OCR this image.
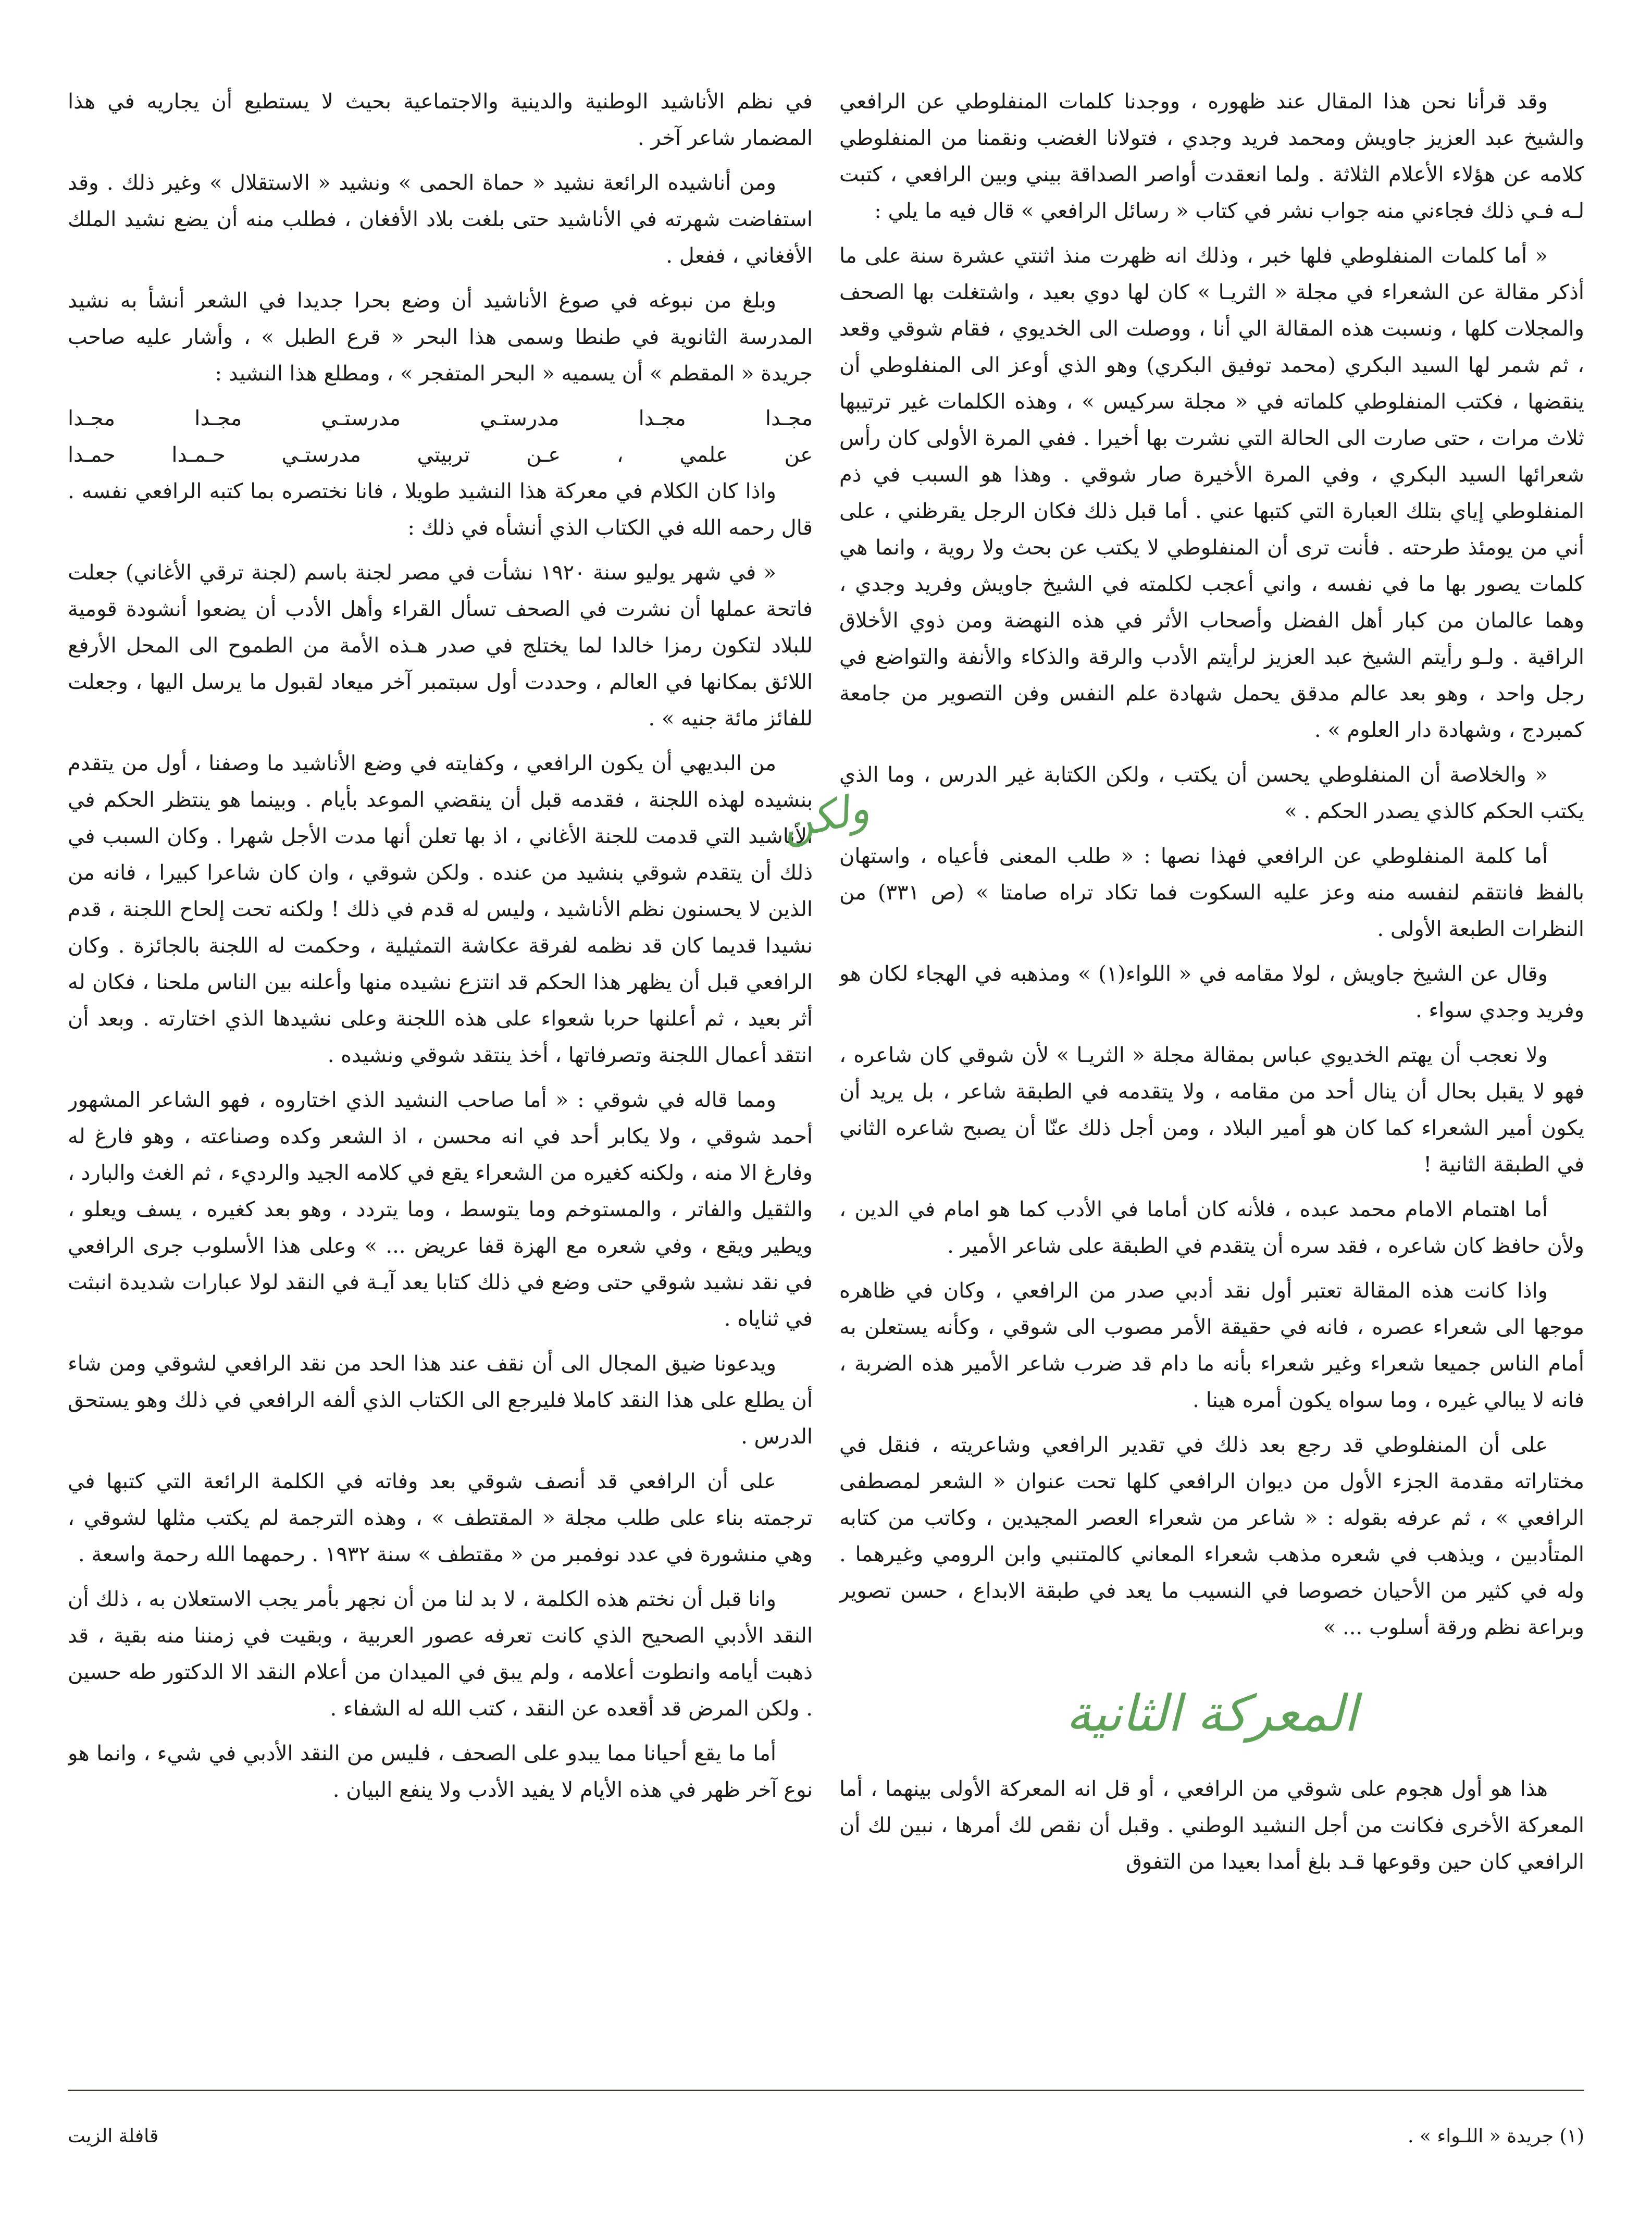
وقد قرأنا نحن هذا المقال عند ظهوره ، ووجدنا كلمات المنفلوطي عن الرافعي والشيخ عبد العزيز جاويش ومحمد فريد وجدي ، فتولانا الغضب ونقمنا من المنفلوطي كلامه عن هؤلاء الأعلام الثلاثة . ولما انعقدت أواصر الصداقة بيني وبين الرافعي ، كتبت لـه فـي ذلك فجاءني منه جواب نشر في كتاب « رسائل الرافعي » قال فيه ما يلي :

« أما كلمات المنفلوطي فلها خبر ، وذلك انه ظهرت منذ اثنتي عشرة سنة على ما أذكر مقالة عن الشعراء في مجلة « الثريـا » كان لها دوي بعيد ، واشتغلت بها الصحف والمجلات كلها ، ونسبت هذه المقالة الي أنا ، ووصلت الى الخديوي ، فقام شوقي وقعد ، ثم شمر لها السيد البكري (محمد توفيق البكري) وهو الذي أوعز الى المنفلوطي أن ينقضها ، فكتب المنفلوطي كلماته في « مجلة سركيس » ، وهذه الكلمات غير ترتيبها ثلاث مرات ، حتى صارت الى الحالة التي نشرت بها أخيرا . ففي المرة الأولى كان رأس شعرائها السيد البكري ، وفي المرة الأخيرة صار شوقي . وهذا هو السبب في ذم المنفلوطي إياي بتلك العبارة التي كتبها عني . أما قبل ذلك فكان الرجل يقرظني ، على أني من يومئذ طرحته . فأنت ترى أن المنفلوطي لا يكتب عن بحث ولا روية ، وانما هي كلمات يصور بها ما في نفسه ، واني أعجب لكلمته في الشيخ جاويش وفريد وجدي ، وهما عالمان من كبار أهل الفضل وأصحاب الأثر في هذه النهضة ومن ذوي الأخلاق الراقية . ولـو رأيتم الشيخ عبد العزيز لرأيتم الأدب والرقة والذكاء والأنفة والتواضع في رجل واحد ، وهو بعد عالم مدقق يحمل شهادة علم النفس وفن التصوير من جامعة كمبردج ، وشهادة دار العلوم » .

« والخلاصة أن المنفلوطي يحسن أن يكتب ، ولكن الكتابة غير الدرس ، وما الذي يكتب الحكم كالذي يصدر الحكم . »

أما كلمة المنفلوطي عن الرافعي فهذا نصها : « طلب المعنى فأعياه ، واستهان بالفظ فانتقم لنفسه منه وعز عليه السكوت فما تكاد تراه صامتا » (ص ٣٣١) من النظرات الطبعة الأولى .

وقال عن الشيخ جاويش ، لولا مقامه في « اللواء(١) » ومذهبه في الهجاء لكان هو وفريد وجدي سواء .

ولا نعجب أن يهتم الخديوي عباس بمقالة مجلة « الثريـا » لأن شوقي كان شاعره ، فهو لا يقبل بحال أن ينال أحد من مقامه ، ولا يتقدمه في الطبقة شاعر ، بل يريد أن يكون أمير الشعراء كما كان هو أمير البلاد ، ومن أجل ذلك عنّا أن يصبح شاعره الثاني في الطبقة الثانية !

أما اهتمام الامام محمد عبده ، فلأنه كان أماما في الأدب كما هو امام في الدين ، ولأن حافظ كان شاعره ، فقد سره أن يتقدم في الطبقة على شاعر الأمير .

واذا كانت هذه المقالة تعتبر أول نقد أدبي صدر من الرافعي ، وكان في ظاهره موجها الى شعراء عصره ، فانه في حقيقة الأمر مصوب الى شوقي ، وكأنه يستعلن به أمام الناس جميعا شعراء وغير شعراء بأنه ما دام قد ضرب شاعر الأمير هذه الضربة ، فانه لا يبالي غيره ، وما سواه يكون أمره هينا .

على أن المنفلوطي قد رجع بعد ذلك في تقدير الرافعي وشاعريته ، فنقل في مختاراته مقدمة الجزء الأول من ديوان الرافعي كلها تحت عنوان « الشعر لمصطفى الرافعي » ، ثم عرفه بقوله : « شاعر من شعراء العصر المجيدين ، وكاتب من كتابه المتأدبين ، ويذهب في شعره مذهب شعراء المعاني كالمتنبي وابن الرومي وغيرهما . وله في كثير من الأحيان خصوصا في النسيب ما يعد في طبقة الابداع ، حسن تصوير وبراعة نظم ورقة أسلوب ... »

المعركة الثانية

هذا هو أول هجوم على شوقي من الرافعي ، أو قل انه المعركة الأولى بينهما ، أما المعركة الأخرى فكانت من أجل النشيد الوطني . وقبل أن نقص لك أمرها ، نبين لك أن الرافعي كان حين وقوعها قـد بلغ أمدا بعيدا من التفوق

في نظم الأناشيد الوطنية والدينية والاجتماعية بحيث لا يستطيع أن يجاريه في هذا المضمار شاعر آخر .

ومن أناشيده الرائعة نشيد « حماة الحمى » ونشيد « الاستقلال » وغير ذلك . وقد استفاضت شهرته في الأناشيد حتى بلغت بلاد الأفغان ، فطلب منه أن يضع نشيد الملك الأفغاني ، ففعل .

وبلغ من نبوغه في صوغ الأناشيد أن وضع بحرا جديدا في الشعر أنشأ به نشيد المدرسة الثانوية في طنطا وسمى هذا البحر « قرع الطبل » ، وأشار عليه صاحب جريدة « المقطم » أن يسميه « البحر المتفجر » ، ومطلع هذا النشيد :

مجـدا مجـدا مدرستـي مدرستـي مجـدا مجـدا

عن علمي ، عـن تربيتي مدرستـي حـمـدا حمـدا

واذا كان الكلام في معركة هذا النشيد طويلا ، فانا نختصره بما كتبه الرافعي نفسه . قال رحمه الله في الكتاب الذي أنشأه في ذلك :

« في شهر يوليو سنة ١٩٢٠ نشأت في مصر لجنة باسم (لجنة ترقي الأغاني) جعلت فاتحة عملها أن نشرت في الصحف تسأل القراء وأهل الأدب أن يضعوا أنشودة قومية للبلاد لتكون رمزا خالدا لما يختلج في صدر هـذه الأمة من الطموح الى المحل الأرفع اللائق بمكانها في العالم ، وحددت أول سبتمبر آخر ميعاد لقبول ما يرسل اليها ، وجعلت للفائز مائة جنيه » .

من البديهي أن يكون الرافعي ، وكفايته في وضع الأناشيد ما وصفنا ، أول من يتقدم بنشيده لهذه اللجنة ، فقدمه قبل أن ينقضي الموعد بأيام . وبينما هو ينتظر الحكم في الأناشيد التي قدمت للجنة الأغاني ، اذ بها تعلن أنها مدت الأجل شهرا . وكان السبب في ذلك أن يتقدم شوقي بنشيد من عنده . ولكن شوقي ، وان كان شاعرا كبيرا ، فانه من الذين لا يحسنون نظم الأناشيد ، وليس له قدم في ذلك ! ولكنه تحت إلحاح اللجنة ، قدم نشيدا قديما كان قد نظمه لفرقة عكاشة التمثيلية ، وحكمت له اللجنة بالجائزة . وكان الرافعي قبل أن يظهر هذا الحكم قد انتزع نشيده منها وأعلنه بين الناس ملحنا ، فكان له أثر بعيد ، ثم أعلنها حربا شعواء على هذه اللجنة وعلى نشيدها الذي اختارته . وبعد أن انتقد أعمال اللجنة وتصرفاتها ، أخذ ينتقد شوقي ونشيده .

ومما قاله في شوقي : « أما صاحب النشيد الذي اختاروه ، فهو الشاعر المشهور أحمد شوقي ، ولا يكابر أحد في انه محسن ، اذ الشعر وكده وصناعته ، وهو فارغ له وفارغ الا منه ، ولكنه كغيره من الشعراء يقع في كلامه الجيد والرديء ، ثم الغث والبارد ، والثقيل والفاتر ، والمستوخم وما يتوسط ، وما يتردد ، وهو بعد كغيره ، يسف ويعلو ، ويطير ويقع ، وفي شعره مع الهزة قفا عريض ... » وعلى هذا الأسلوب جرى الرافعي في نقد نشيد شوقي حتى وضع في ذلك كتابا يعد آيـة في النقد لولا عبارات شديدة انبثت في ثناياه .

ويدعونا ضيق المجال الى أن نقف عند هذا الحد من نقد الرافعي لشوقي ومن شاء أن يطلع على هذا النقد كاملا فليرجع الى الكتاب الذي ألفه الرافعي في ذلك وهو يستحق الدرس .

على أن الرافعي قد أنصف شوقي بعد وفاته في الكلمة الرائعة التي كتبها في ترجمته بناء على طلب مجلة « المقتطف » ، وهذه الترجمة لم يكتب مثلها لشوقي ، وهي منشورة في عدد نوفمبر من « مقتطف » سنة ١٩٣٢ . رحمهما الله رحمة واسعة .

وانا قبل أن نختم هذه الكلمة ، لا بد لنا من أن نجهر بأمر يجب الاستعلان به ، ذلك أن النقد الأدبي الصحيح الذي كانت تعرفه عصور العربية ، وبقيت في زمننا منه بقية ، قد ذهبت أيامه وانطوت أعلامه ، ولم يبق في الميدان من أعلام النقد الا الدكتور طه حسين . ولكن المرض قد أقعده عن النقد ، كتب الله له الشفاء .

أما ما يقع أحيانا مما يبدو على الصحف ، فليس من النقد الأدبي في شيء ، وانما هو نوع آخر ظهر في هذه الأيام لا يفيد الأدب ولا ينفع البيان .

ولكن
(١) جريدة « اللـواء » .
قافلة الزيت
